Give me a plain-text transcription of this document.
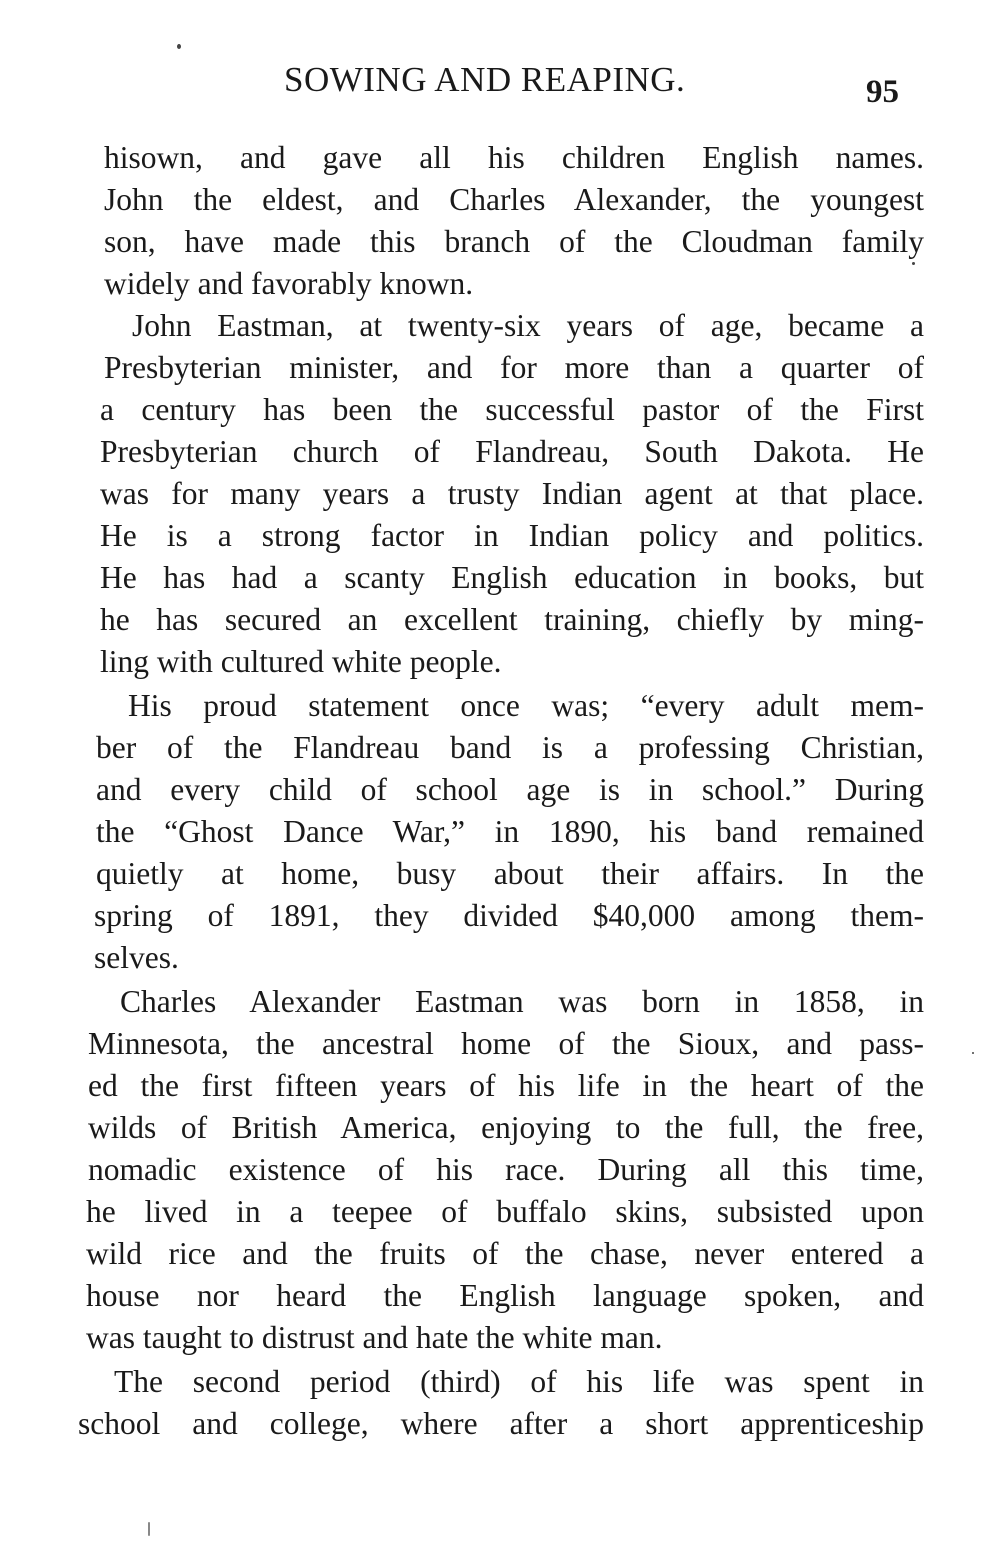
SOWING AND REAPING.	95
hisown, and gave all his children English names.
John the eldest, and Charles Alexander, the youngest
son, have made this branch of the Cloudman family
widely and favorably known.
John Eastman, at twenty-six years of age, became a
Presbyterian minister, and for more than a quarter of
a century has been the successful pastor of the First
Presbyterian church of Flandreau, South Dakota. He
was for many years a trusty Indian agent at that place.
He is a strong factor in Indian policy and politics.
He has had a scanty English education in books, but
he has secured an excellent training, chiefly by ming-
ling with cultured white people.
His proud statement once was; “every adult mem-
ber of the Flandreau band is a professing Christian,
and every child of school age is in school.” During
the “Ghost Dance War,” in 1890, his band remained
quietly at home, busy about their affairs. In the
spring of 1891, they divided $40,000 among them-
selves.
Charles Alexander Eastman was born in 1858, in
Minnesota, the ancestral home of the Sioux, and pass-
ed the first fifteen years of his life in the heart of the
wilds of British America, enjoying to the full, the free,
nomadic existence of his race. During all this time,
he lived in a teepee of buffalo skins, subsisted upon
wild rice and the fruits of the chase, never entered a
house nor heard the English language spoken, and
was taught to distrust and hate the white man.
The second period (third) of his life was spent in
school and college, where after a short apprenticeship
